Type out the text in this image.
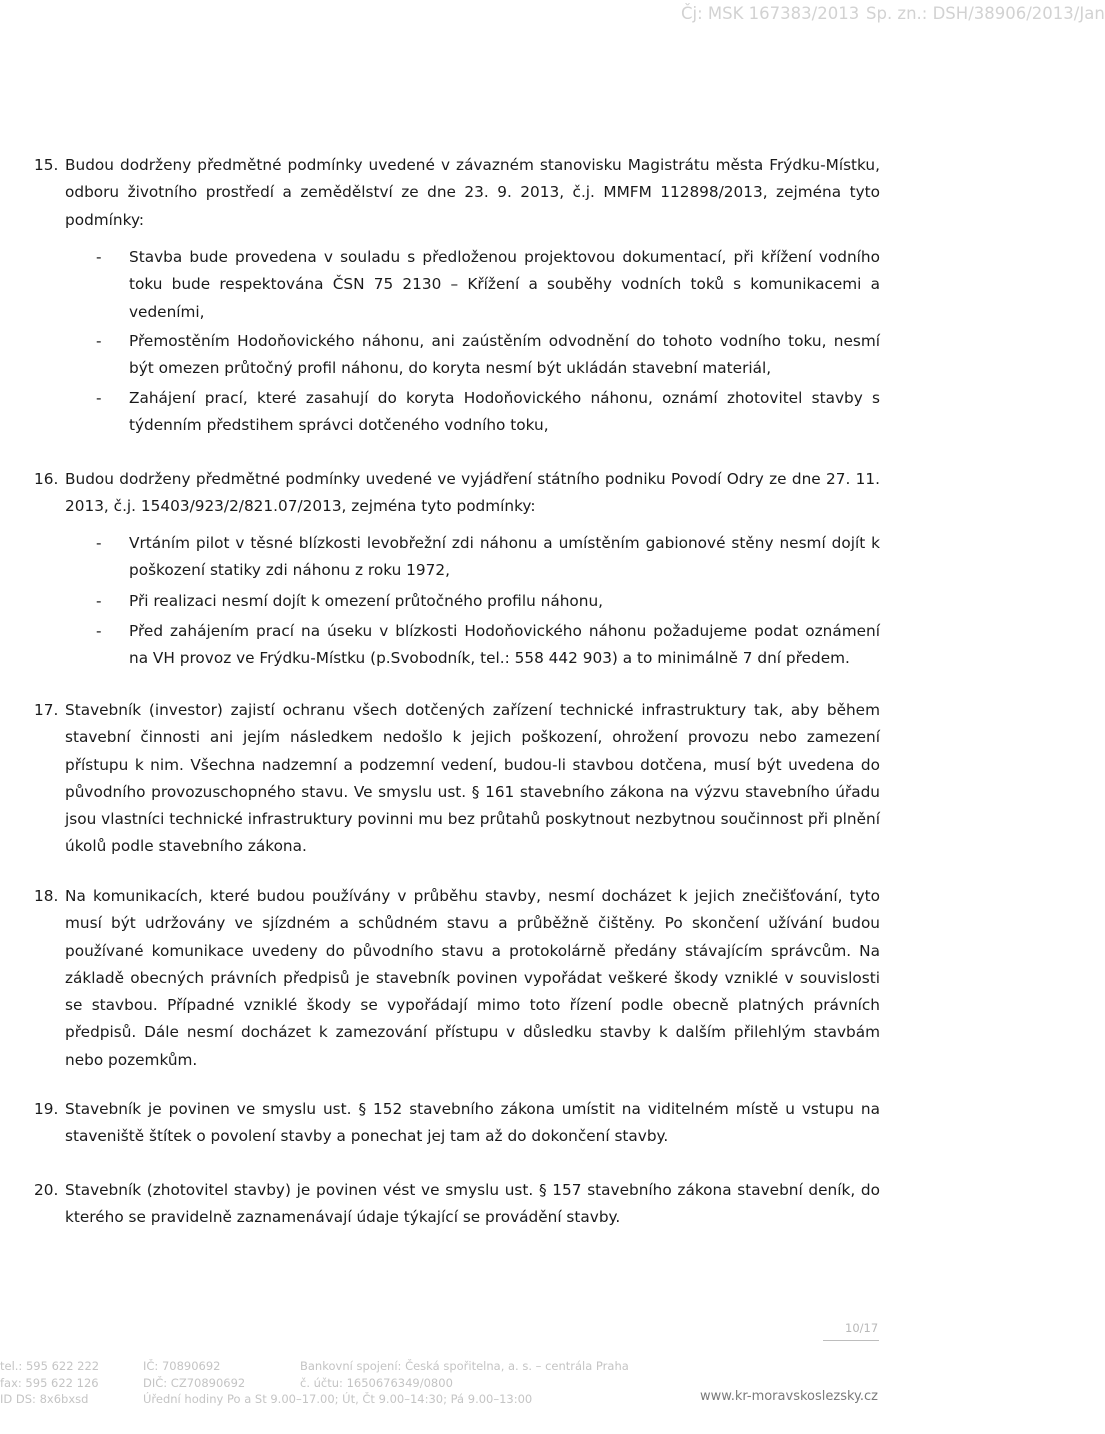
Čj: MSK 167383/2013 Sp. zn.: DSH/38906/2013/Jan
15. Budou dodrženy předmětné podmínky uvedené v závazném stanovisku Magistrátu města Frýdku-Místku, odboru životního prostředí a zemědělství ze dne 23. 9. 2013, č.j. MMFM 112898/2013, zejména tyto podmínky:
- Stavba bude provedena v souladu s předloženou projektovou dokumentací, při křížení vodního toku bude respektována ČSN 75 2130 – Křížení a souběhy vodních toků s komunikacemi a vedeními,
- Přemostěním Hodoňovického náhonu, ani zaústěním odvodnění do tohoto vodního toku, nesmí být omezen průtočný profil náhonu, do koryta nesmí být ukládán stavební materiál,
- Zahájení prací, které zasahují do koryta Hodoňovického náhonu, oznámí zhotovitel stavby s týdenním předstihem správci dotčeného vodního toku,
16. Budou dodrženy předmětné podmínky uvedené ve vyjádření státního podniku Povodí Odry ze dne 27. 11. 2013, č.j. 15403/923/2/821.07/2013, zejména tyto podmínky:
- Vrtáním pilot v těsné blízkosti levobřežní zdi náhonu a umístěním gabionové stěny nesmí dojít k poškození statiky zdi náhonu z roku 1972,
- Při realizaci nesmí dojít k omezení průtočného profilu náhonu,
- Před zahájením prací na úseku v blízkosti Hodoňovického náhonu požadujeme podat oznámení na VH provoz ve Frýdku-Místku (p.Svobodník, tel.: 558 442 903) a to minimálně 7 dní předem.
17. Stavebník (investor) zajistí ochranu všech dotčených zařízení technické infrastruktury tak, aby během stavební činnosti ani jejím následkem nedošlo k jejich poškození, ohrožení provozu nebo zamezení přístupu k nim. Všechna nadzemní a podzemní vedení, budou-li stavbou dotčena, musí být uvedena do původního provozuschopného stavu. Ve smyslu ust. § 161 stavebního zákona na výzvu stavebního úřadu jsou vlastníci technické infrastruktury povinni mu bez průtahů poskytnout nezbytnou součinnost při plnění úkolů podle stavebního zákona.
18. Na komunikacích, které budou používány v průběhu stavby, nesmí docházet k jejich znečišťování, tyto musí být udržovány ve sjízdném a schůdném stavu a průběžně čištěny. Po skončení užívání budou používané komunikace uvedeny do původního stavu a protokolárně předány stávajícím správcům. Na základě obecných právních předpisů je stavebník povinen vypořádat veškeré škody vzniklé v souvislosti se stavbou. Případné vzniklé škody se vypořádají mimo toto řízení podle obecně platných právních předpisů. Dále nesmí docházet k zamezování přístupu v důsledku stavby k dalším přilehlým stavbám nebo pozemkům.
19. Stavebník je povinen ve smyslu ust. § 152 stavebního zákona umístit na viditelném místě u vstupu na staveniště štítek o povolení stavby a ponechat jej tam až do dokončení stavby.
20. Stavebník (zhotovitel stavby) je povinen vést ve smyslu ust. § 157 stavebního zákona stavební deník, do kterého se pravidelně zaznamenávají údaje týkající se provádění stavby.
10/17
tel.: 595 622 222
fax: 595 622 126
ID DS: 8x6bxsd
IČ: 70890692
DIČ: CZ70890692
Úřední hodiny Po a St 9.00–17.00; Út, Čt 9.00–14:30; Pá 9.00–13:00
Bankovní spojení: Česká spořitelna, a. s. – centrála Praha
č. účtu: 1650676349/0800
www.kr-moravskoslezsky.cz
